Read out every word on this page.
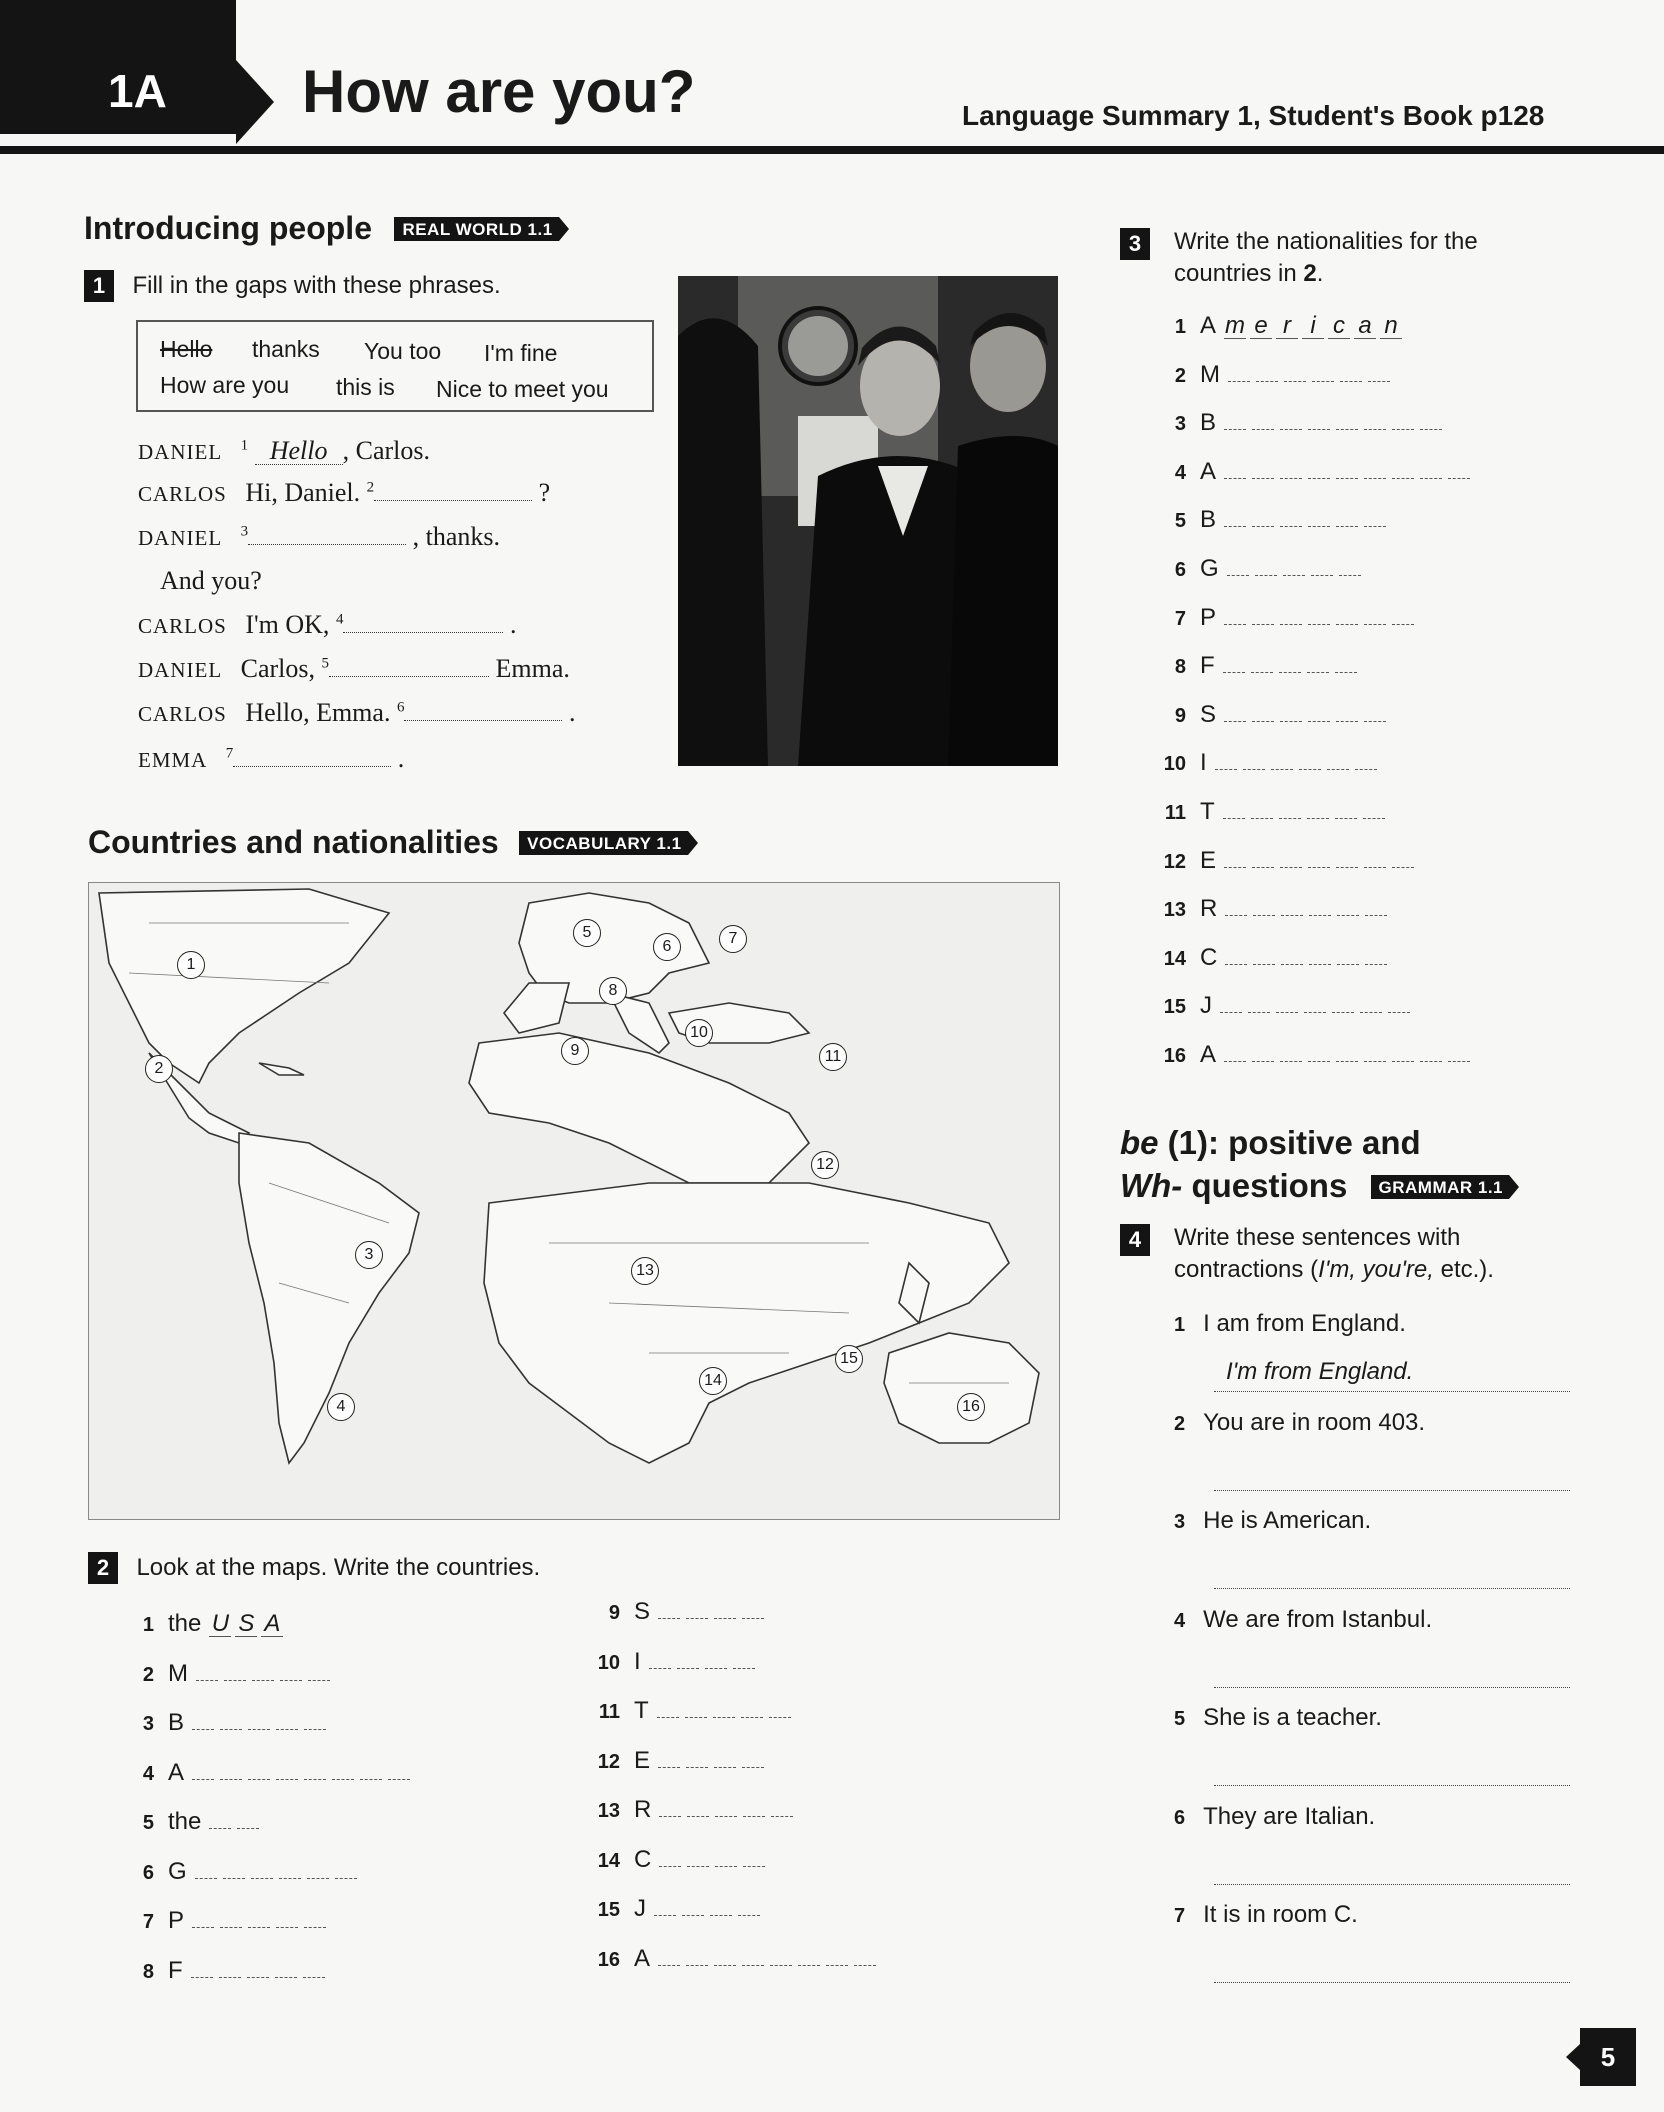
1A How are you?	Language Summary 1, Student's Book p128
Introducing people REAL WORLD 1.1
1 Fill in the gaps with these phrases.
Hello thanks You too I'm fine
How are you this is Nice to meet you
DANIEL $^1$ Hello , Carlos.
CARLOS Hi, Daniel. $^2$	?
DANIEL $^3$	, thanks.
And you?
CARLOS I'm OK, $^4$	.
DANIEL Carlos, $^5$	Emma.
CARLOS Hello, Emma. $^6$	.
EMMA $^7$	.
Countries and nationalities VOCABULARY 1.1
1
2
3
4
5
6	7
8
9
10
11
12
13
14
15
16
2 Look at the maps. Write the countries.
1 the U S A
2 M
3 B
4 A
5 the
6 G
7 P
8 F
9 S
10 I
11 T
12 E
13 R
14 C
15 J
16 A
3	Write the nationalities for the countries in 2.
1 A m e r i c a n
2 M
3 B
4 A
5 B
6 G
7 P
8 F
9 S
10 I
11 T
12 E
13 R
14 C
15 J
16 A
be (1): positive and
Wh- questions GRAMMAR 1.1
4	Write these sentences with contractions (I'm, you're, etc.).
1 I am from England.
I'm from England.
2 You are in room 403.
3 He is American.
4 We are from Istanbul.
5 She is a teacher.
6 They are Italian.
7 It is in room C.
5
